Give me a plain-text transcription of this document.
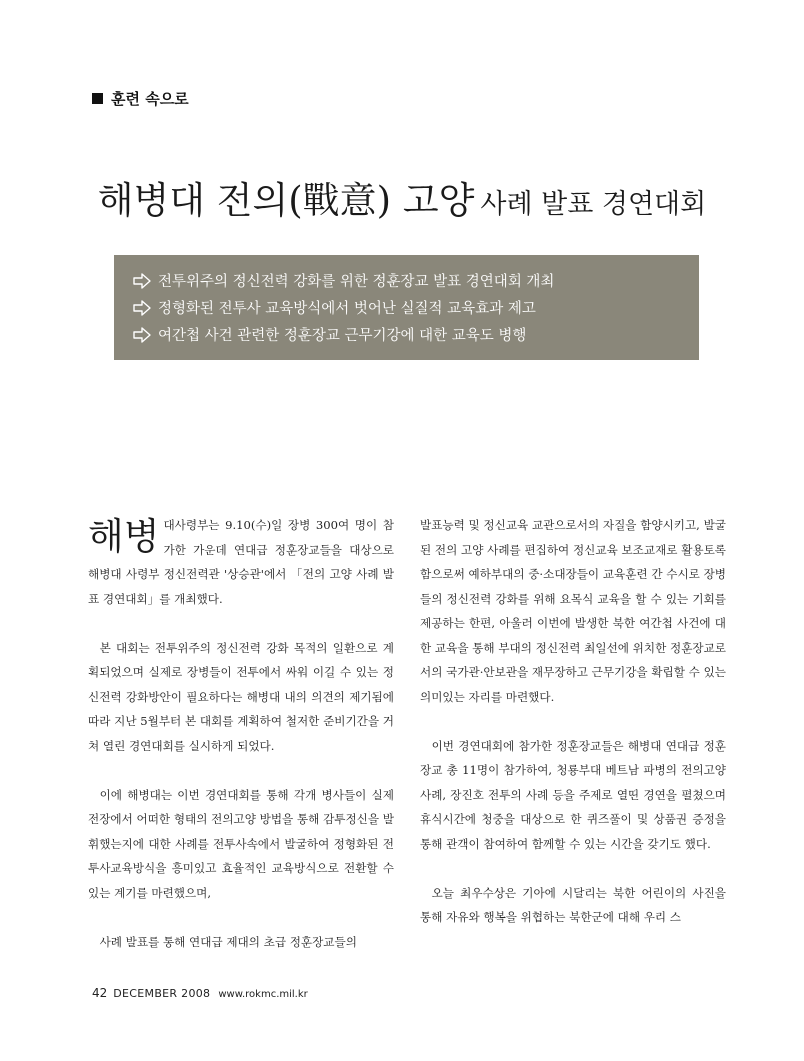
훈련 속으로
해병대 전의(戰意) 고양 사례 발표 경연대회
전투위주의 정신전력 강화를 위한 정훈장교 발표 경연대회 개최
정형화된 전투사 교육방식에서 벗어난 실질적 교육효과 제고
여간첩 사건 관련한 정훈장교 근무기강에 대한 교육도 병행

해병 대사령부는 9.10(수)일 장병 300여 명이 참가한 가운데 연대급 정훈장교들을 대상으로 해병대 사령부 정신전력관 '상승관'에서 「전의 고양 사례 발표 경연대회」를 개최했다.

본 대회는 전투위주의 정신전력 강화 목적의 일환으로 계획되었으며 실제로 장병들이 전투에서 싸워 이길 수 있는 정신전력 강화방안이 필요하다는 해병대 내의 의견의 제기됨에 따라 지난 5월부터 본 대회를 계획하여 철저한 준비기간을 거쳐 열린 경연대회를 실시하게 되었다.

이에 해병대는 이번 경연대회를 통해 각개 병사들이 실제 전장에서 어떠한 형태의 전의고양 방법을 통해 감투정신을 발휘했는지에 대한 사례를 전투사속에서 발굴하여 정형화된 전투사교육방식을 흥미있고 효율적인 교육방식으로 전환할 수 있는 계기를 마련했으며,

사례 발표를 통해 연대급 제대의 초급 정훈장교들의

발표능력 및 정신교육 교관으로서의 자질을 함양시키고, 발굴된 전의 고양 사례를 편집하여 정신교육 보조교재로 활용토록 함으로써 예하부대의 중·소대장들이 교육훈련 간 수시로 장병들의 정신전력 강화를 위해 요목식 교육을 할 수 있는 기회를 제공하는 한편, 아울러 이번에 발생한 북한 여간첩 사건에 대한 교육을 통해 부대의 정신전력 최일선에 위치한 정훈장교로서의 국가관·안보관을 재무장하고 근무기강을 확립할 수 있는 의미있는 자리를 마련했다.

이번 경연대회에 참가한 정훈장교들은 해병대 연대급 정훈장교 총 11명이 참가하여, 청룡부대 베트남 파병의 전의고양사례, 장진호 전투의 사례 등을 주제로 열띤 경연을 펼쳤으며 휴식시간에 청중을 대상으로 한 퀴즈풀이 및 상품권 증정을 통해 관객이 참여하여 함께할 수 있는 시간을 갖기도 했다.

오늘 최우수상은 기아에 시달리는 북한 어린이의 사진을 통해 자유와 행복을 위협하는 북한군에 대해 우리 스

42 DECEMBER 2008 www.rokmc.mil.kr
